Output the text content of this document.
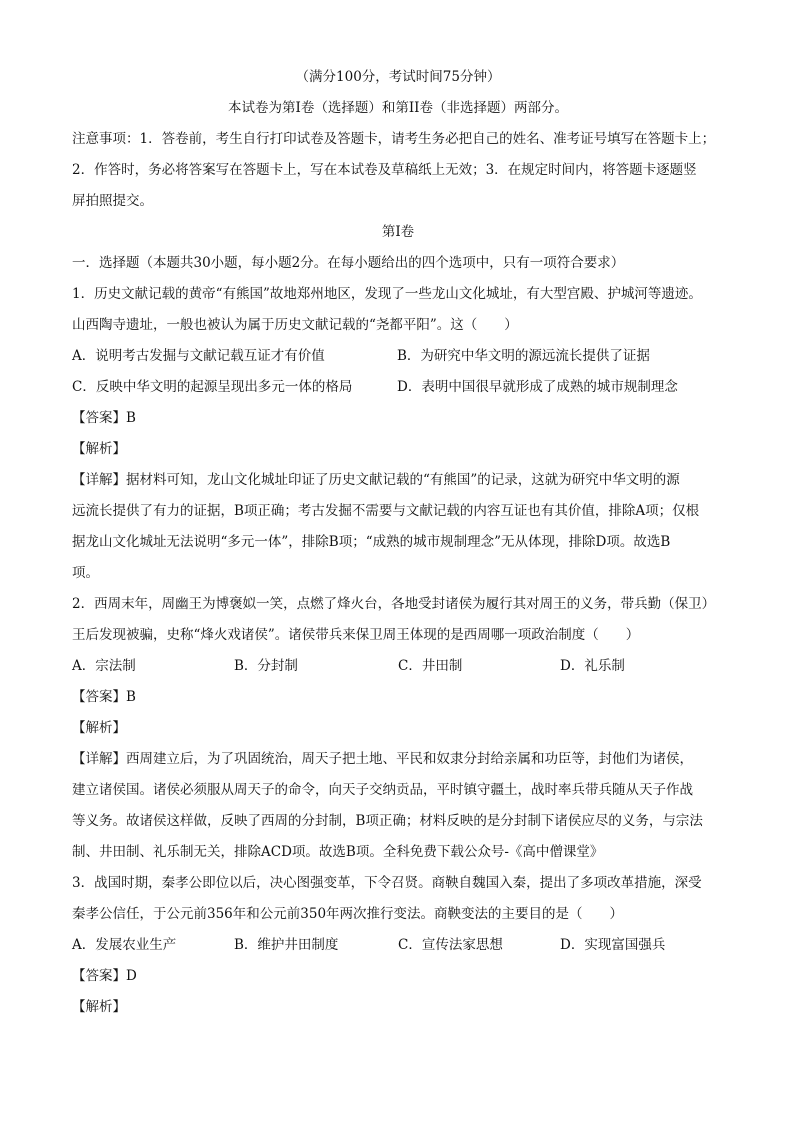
（满分100分，考试时间75分钟）

本试卷为第I卷（选择题）和第II卷（非选择题）两部分。

注意事项：1．答卷前，考生自行打印试卷及答题卡，请考生务必把自己的姓名、准考证号填写在答题卡上；

2．作答时，务必将答案写在答题卡上，写在本试卷及草稿纸上无效；3．在规定时间内，将答题卡逐题竖

屏拍照提交。

第I卷

一．选择题（本题共30小题，每小题2分。在每小题给出的四个选项中，只有一项符合要求）

1．历史文献记载的黄帝“有熊国”故地郑州地区，发现了一些龙山文化城址，有大型宫殿、护城河等遗迹。

山西陶寺遗址，一般也被认为属于历史文献记载的“尧都平阳”。这（　　）

A．说明考古发掘与文献记载互证才有价值	B．为研究中华文明的源远流长提供了证据
C．反映中华文明的起源呈现出多元一体的格局	D．表明中国很早就形成了成熟的城市规制理念

【答案】B

【解析】

【详解】据材料可知，龙山文化城址印证了历史文献记载的“有熊国”的记录，这就为研究中华文明的源

远流长提供了有力的证据，B项正确；考古发掘不需要与文献记载的内容互证也有其价值，排除A项；仅根

据龙山文化城址无法说明“多元一体”，排除B项；“成熟的城市规制理念”无从体现，排除D项。故选B

项。

2．西周末年，周幽王为博褒姒一笑，点燃了烽火台，各地受封诸侯为履行其对周王的义务，带兵勤（保卫）

王后发现被骗，史称“烽火戏诸侯”。诸侯带兵来保卫周王体现的是西周哪一项政治制度（　　）

A．宗法制	B．分封制	C．井田制	D．礼乐制

【答案】B

【解析】

【详解】西周建立后，为了巩固统治，周天子把土地、平民和奴隶分封给亲属和功臣等，封他们为诸侯，

建立诸侯国。诸侯必须服从周天子的命令，向天子交纳贡品，平时镇守疆土，战时率兵带兵随从天子作战

等义务。故诸侯这样做，反映了西周的分封制，B项正确；材料反映的是分封制下诸侯应尽的义务，与宗法

制、井田制、礼乐制无关，排除ACD项。故选B项。全科免费下载公众号-《高中僧课堂》

3．战国时期，秦孝公即位以后，决心图强变革，下令召贤。商鞅自魏国入秦，提出了多项改革措施，深受

秦孝公信任，于公元前356年和公元前350年两次推行变法。商鞅变法的主要目的是（　　）

A．发展农业生产	B．维护井田制度	C．宣传法家思想	D．实现富国强兵

【答案】D

【解析】
